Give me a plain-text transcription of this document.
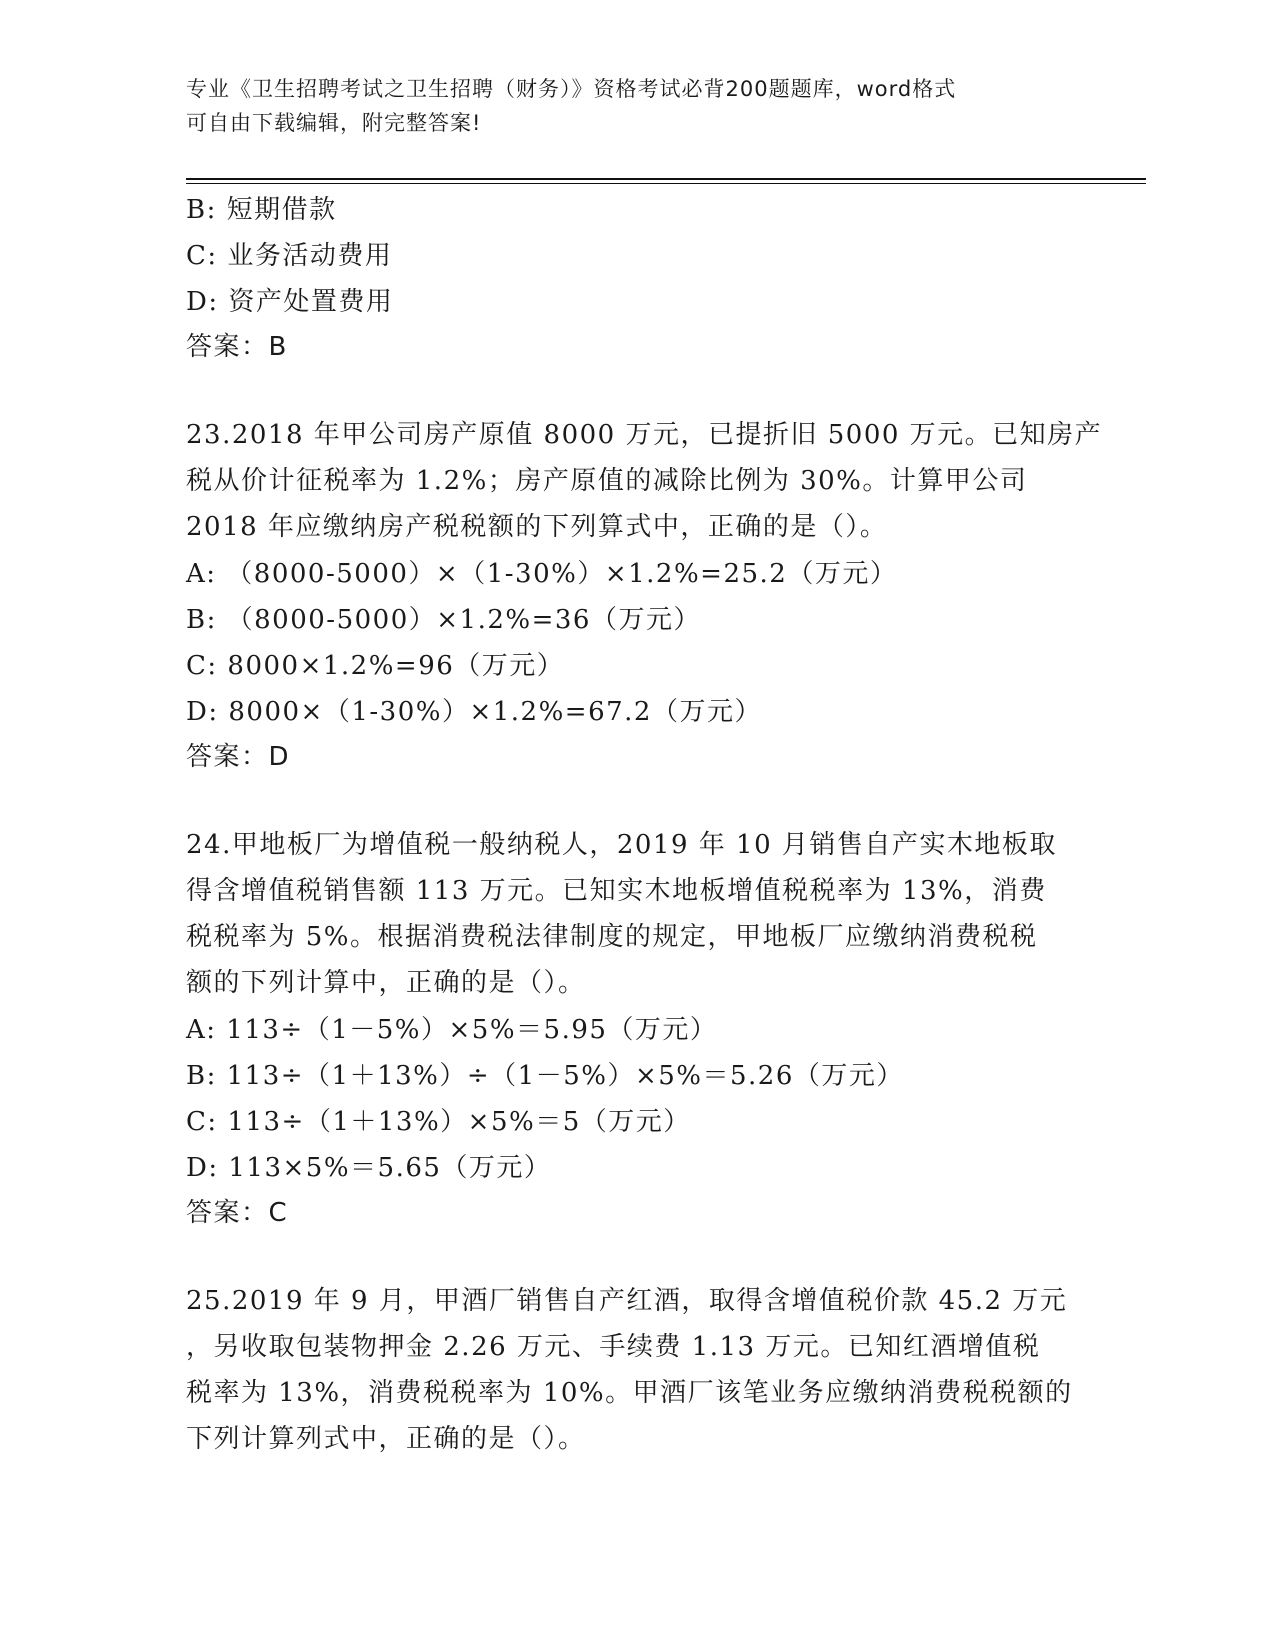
专业《卫生招聘考试之卫生招聘（财务）》资格考试必背200题题库，word格式
可自由下载编辑，附完整答案!
B: 短期借款
C: 业务活动费用
D: 资产处置费用
答案：B
23.2018 年甲公司房产原值 8000 万元，已提折旧 5000 万元。已知房产
税从价计征税率为 1.2%；房产原值的减除比例为 30%。计算甲公司
2018 年应缴纳房产税税额的下列算式中，正确的是（）。
A: （8000-5000）×（1-30%）×1.2%=25.2（万元）
B: （8000-5000）×1.2%=36（万元）
C: 8000×1.2%=96（万元）
D: 8000×（1-30%）×1.2%=67.2（万元）
答案：D
24.甲地板厂为增值税一般纳税人，2019 年 10 月销售自产实木地板取
得含增值税销售额 113 万元。已知实木地板增值税税率为 13%，消费
税税率为 5%。根据消费税法律制度的规定，甲地板厂应缴纳消费税税
额的下列计算中，正确的是（）。
A: 113÷（1－5%）×5%＝5.95（万元）
B: 113÷（1＋13%）÷（1－5%）×5%＝5.26（万元）
C: 113÷（1＋13%）×5%＝5（万元）
D: 113×5%＝5.65（万元）
答案：C
25.2019 年 9 月，甲酒厂销售自产红酒，取得含增值税价款 45.2 万元
，另收取包装物押金 2.26 万元、手续费 1.13 万元。已知红酒增值税
税率为 13%，消费税税率为 10%。甲酒厂该笔业务应缴纳消费税税额的
下列计算列式中，正确的是（）。
